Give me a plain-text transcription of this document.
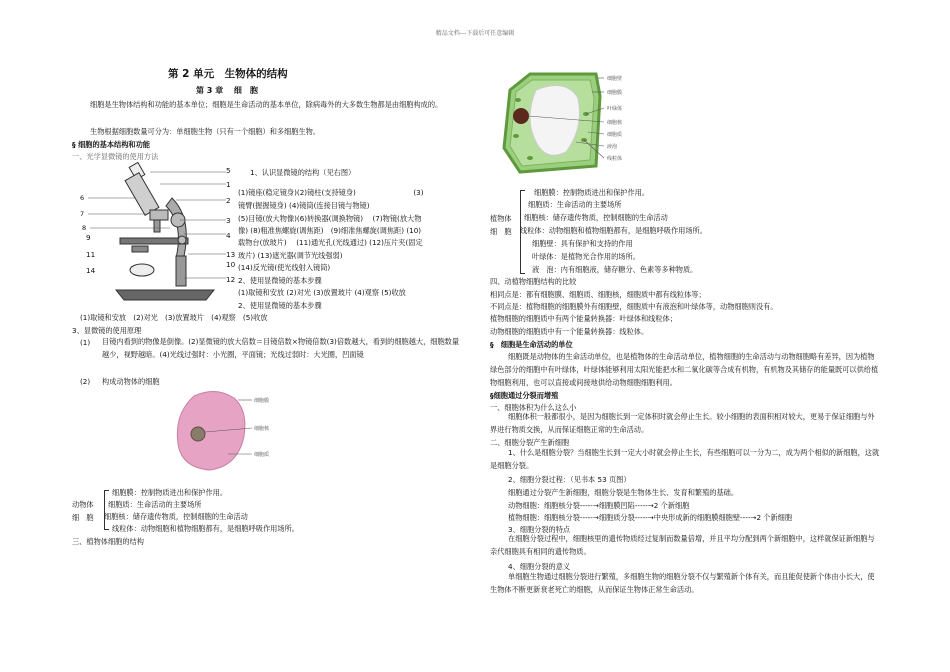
精品文档---下载后可任意编辑
第 2 单元　生物体的结构
第 3 章　 细　胞
细胞是生物体结构和功能的基本单位；细胞是生命活动的基本单位，除病毒外的大多数生物都是由细胞构成的。
生物根据细胞数量可分为：单细胞生物（只有一个细胞）和多细胞生物。
§ 细胞的基本结构和功能
一、光学显微镜的使用方法
6
7
8
5
1
2
3
4
13
10
12
9
11
14
1、认识显微镜的结构（见右图）
(1)镜座(稳定镜身)(2)镜柱(支持镜身)　　　　　　　　(3)
镜臂(握握镜身) (4)镜筒(连接目镜与物镜)
(5)目镜(放大物像)(6)转换器(调换物镜)　 (7)物镜(放大物
像) (8)粗准焦螺旋(调焦距)　(9)细准焦螺旋(调焦距) (10)
载物台(放玻片)　 (11)通光孔(光线通过) (12)压片夹(固定
玻片) (13)遮光器(调节光线强弱)
(14)反光镜(使光线射入镜筒)
2、使用显微镜的基本步骤
(1)取镜和安放 (2)对光 (3)放置玻片 (4)观察 (5)收放
2、使用显微镜的基本步骤
(1)取镜和安放　(2)对光　(3)放置玻片　(4)观察　(5)收放
3、显微镜的使用原理
(1) 目镜内看到的物像是倒像。(2)显微镜的放大倍数＝目镜倍数×物镜倍数(3)倍数越大，看到的细胞越大，细胞数量越少，视野越暗。(4)光线过强时：小光圈，平面镜；光线过弱时：大光圈，凹面镜
(2) 构成动物体的细胞
细胞膜
细胞核
细胞质
动物体
细　胞
细胞膜：控制物质进出和保护作用。
细胞质：生命活动的主要场所
细胞核：储存遗传物质，控制细胞的生命活动
线粒体：动物细胞和植物细胞都有，是细胞呼吸作用场所。
三、植物体细胞的结构
细胞壁
细胞膜
叶绿体
细胞核
细胞质
液泡
线粒体
植物体
细　胞
细胞膜：控制物质进出和保护作用。
细胞质：生命活动的主要场所
细胞核：储存遗传物质，控制细胞的生命活动
线粒体：动物细胞和植物细胞都有，是细胞呼吸作用场所。
细胞壁：具有保护和支持的作用
叶绿体：是植物光合作用的场所。
液　泡：内有细胞液，储存糖分、色素等多种物质。
四、动植物细胞结构的比较
相同点是：都有细胞膜、细胞质、细胞核，细胞质中都有线粒体等；
不同点是：植物细胞的细胞膜外有细胞壁，细胞质中有液泡和叶绿体等，动物细胞则没有。
植物细胞的细胞质中有两个能量转换器：叶绿体和线粒体；
动物细胞的细胞质中有一个能量转换器：线粒体。
§　细胞是生命活动的单位
细胞既是动物体的生命活动单位，也是植物体的生命活动单位，植物细胞的生命活动与动物细胞略有差异，因为植物绿色部分的细胞中有叶绿体，叶绿体能够利用太阳光能把水和二氧化碳等合成有机物，有机物及其储存的能量既可以供给植物细胞利用，也可以直接或间接地供给动物细胞细胞利用。
§细胞通过分裂而增殖
一、细胞体积为什么这么小
细胞体积一般都很小，是因为细胞长到一定体积时就会停止生长。较小细胞的表面积相对较大，更易于保证细胞与外界进行物质交换，从而保证细胞正常的生命活动。
二、细胞分裂产生新细胞
1、什么是细胞分裂？当细胞生长到一定大小时就会停止生长，有些细胞可以一分为二，成为两个相似的新细胞，这就是细胞分裂。
2、细胞分裂过程：（见书本 53 页图）
细胞通过分裂产生新细胞，细胞分裂是生物体生长、发育和繁殖的基础。
动物细胞：细胞核分裂-----→细胞膜凹陷-----→2 个新细胞
植物细胞：细胞核分裂-----→细胞质分裂-----→中央形成新的细胞膜细胞壁----→2 个新细胞
3、细胞分裂的特点
在细胞分裂过程中，细胞核里的遗传物质经过复制而数量倍增，并且平均分配到两个新细胞中，这样就保证新细胞与亲代细胞具有相同的遗传物质。
4、细胞分裂的意义
单细胞生物通过细胞分裂进行繁殖，多细胞生物的细胞分裂不仅与繁殖新个体有关，而且能促使新个体由小长大，使生物体不断更新衰老死亡的细胞，从而保证生物体正常生命活动。
